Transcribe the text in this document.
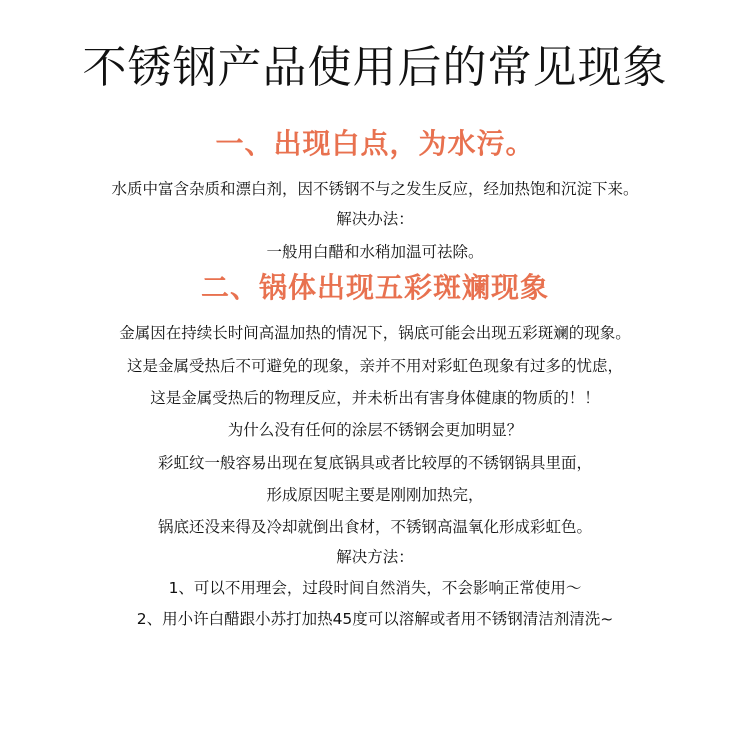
不锈钢产品使用后的常见现象
一、出现白点，为水污。
水质中富含杂质和漂白剂，因不锈钢不与之发生反应，经加热饱和沉淀下来。
解决办法：
一般用白醋和水稍加温可祛除。
二、锅体出现五彩斑斓现象
金属因在持续长时间高温加热的情况下，锅底可能会出现五彩斑斓的现象。
这是金属受热后不可避免的现象，亲并不用对彩虹色现象有过多的忧虑，
这是金属受热后的物理反应，并未析出有害身体健康的物质的！！
为什么没有任何的涂层不锈钢会更加明显？
彩虹纹一般容易出现在复底锅具或者比较厚的不锈钢锅具里面，
形成原因呢主要是刚刚加热完，
锅底还没来得及冷却就倒出食材，不锈钢高温氧化形成彩虹色。
解决方法：
1、可以不用理会，过段时间自然消失，不会影响正常使用～
2、用小许白醋跟小苏打加热45度可以溶解或者用不锈钢清洁剂清洗~
